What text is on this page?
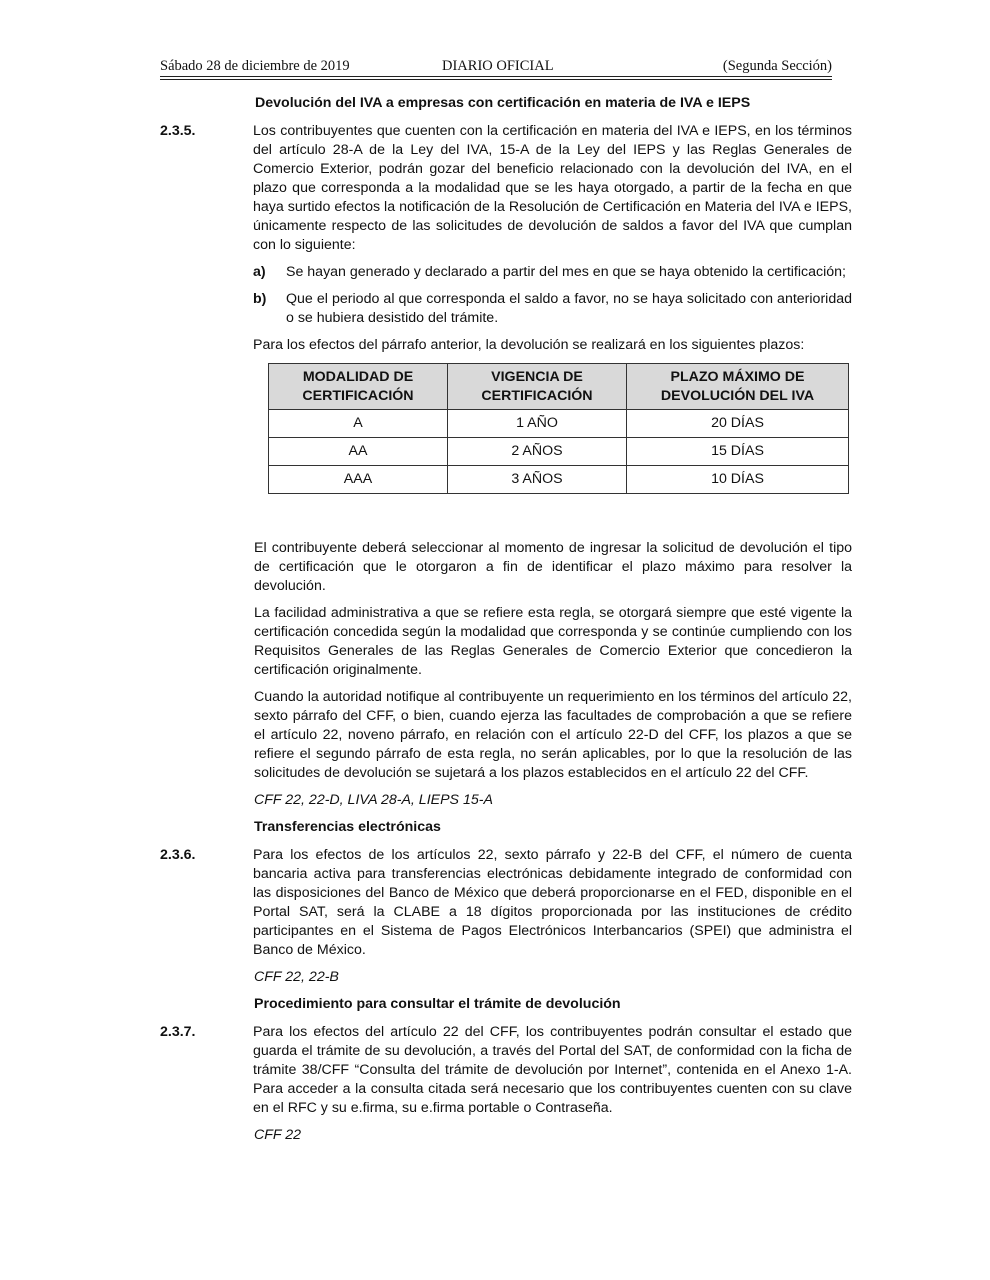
Sábado 28 de diciembre de 2019	DIARIO OFICIAL	(Segunda Sección)
Devolución del IVA a empresas con certificación en materia de IVA e IEPS
2.3.5.	Los contribuyentes que cuenten con la certificación en materia del IVA e IEPS, en los términos del artículo 28-A de la Ley del IVA, 15-A de la Ley del IEPS y las Reglas Generales de Comercio Exterior, podrán gozar del beneficio relacionado con la devolución del IVA, en el plazo que corresponda a la modalidad que se les haya otorgado, a partir de la fecha en que haya surtido efectos la notificación de la Resolución de Certificación en Materia del IVA e IEPS, únicamente respecto de las solicitudes de devolución de saldos a favor del IVA que cumplan con lo siguiente:

a)	Se hayan generado y declarado a partir del mes en que se haya obtenido la certificación;
b)	Que el periodo al que corresponda el saldo a favor, no se haya solicitado con anterioridad o se hubiera desistido del trámite.

Para los efectos del párrafo anterior, la devolución se realizará en los siguientes plazos:

MODALIDAD DE CERTIFICACIÓN	VIGENCIA DE CERTIFICACIÓN	PLAZO MÁXIMO DE DEVOLUCIÓN DEL IVA
A	1 AÑO	20 DÍAS
AA	2 AÑOS	15 DÍAS
AAA	3 AÑOS	10 DÍAS

El contribuyente deberá seleccionar al momento de ingresar la solicitud de devolución el tipo de certificación que le otorgaron a fin de identificar el plazo máximo para resolver la devolución.

La facilidad administrativa a que se refiere esta regla, se otorgará siempre que esté vigente la certificación concedida según la modalidad que corresponda y se continúe cumpliendo con los Requisitos Generales de las Reglas Generales de Comercio Exterior que concedieron la certificación originalmente.

Cuando la autoridad notifique al contribuyente un requerimiento en los términos del artículo 22, sexto párrafo del CFF, o bien, cuando ejerza las facultades de comprobación a que se refiere el artículo 22, noveno párrafo, en relación con el artículo 22-D del CFF, los plazos a que se refiere el segundo párrafo de esta regla, no serán aplicables, por lo que la resolución de las solicitudes de devolución se sujetará a los plazos establecidos en el artículo 22 del CFF.

CFF 22, 22-D, LIVA 28-A, LIEPS 15-A
Transferencias electrónicas
2.3.6.	Para los efectos de los artículos 22, sexto párrafo y 22-B del CFF, el número de cuenta bancaria activa para transferencias electrónicas debidamente integrado de conformidad con las disposiciones del Banco de México que deberá proporcionarse en el FED, disponible en el Portal SAT, será la CLABE a 18 dígitos proporcionada por las instituciones de crédito participantes en el Sistema de Pagos Electrónicos Interbancarios (SPEI) que administra el Banco de México.

CFF 22, 22-B
Procedimiento para consultar el trámite de devolución
2.3.7.	Para los efectos del artículo 22 del CFF, los contribuyentes podrán consultar el estado que guarda el trámite de su devolución, a través del Portal del SAT, de conformidad con la ficha de trámite 38/CFF “Consulta del trámite de devolución por Internet”, contenida en el Anexo 1-A. Para acceder a la consulta citada será necesario que los contribuyentes cuenten con su clave en el RFC y su e.firma, su e.firma portable o Contraseña.

CFF 22
